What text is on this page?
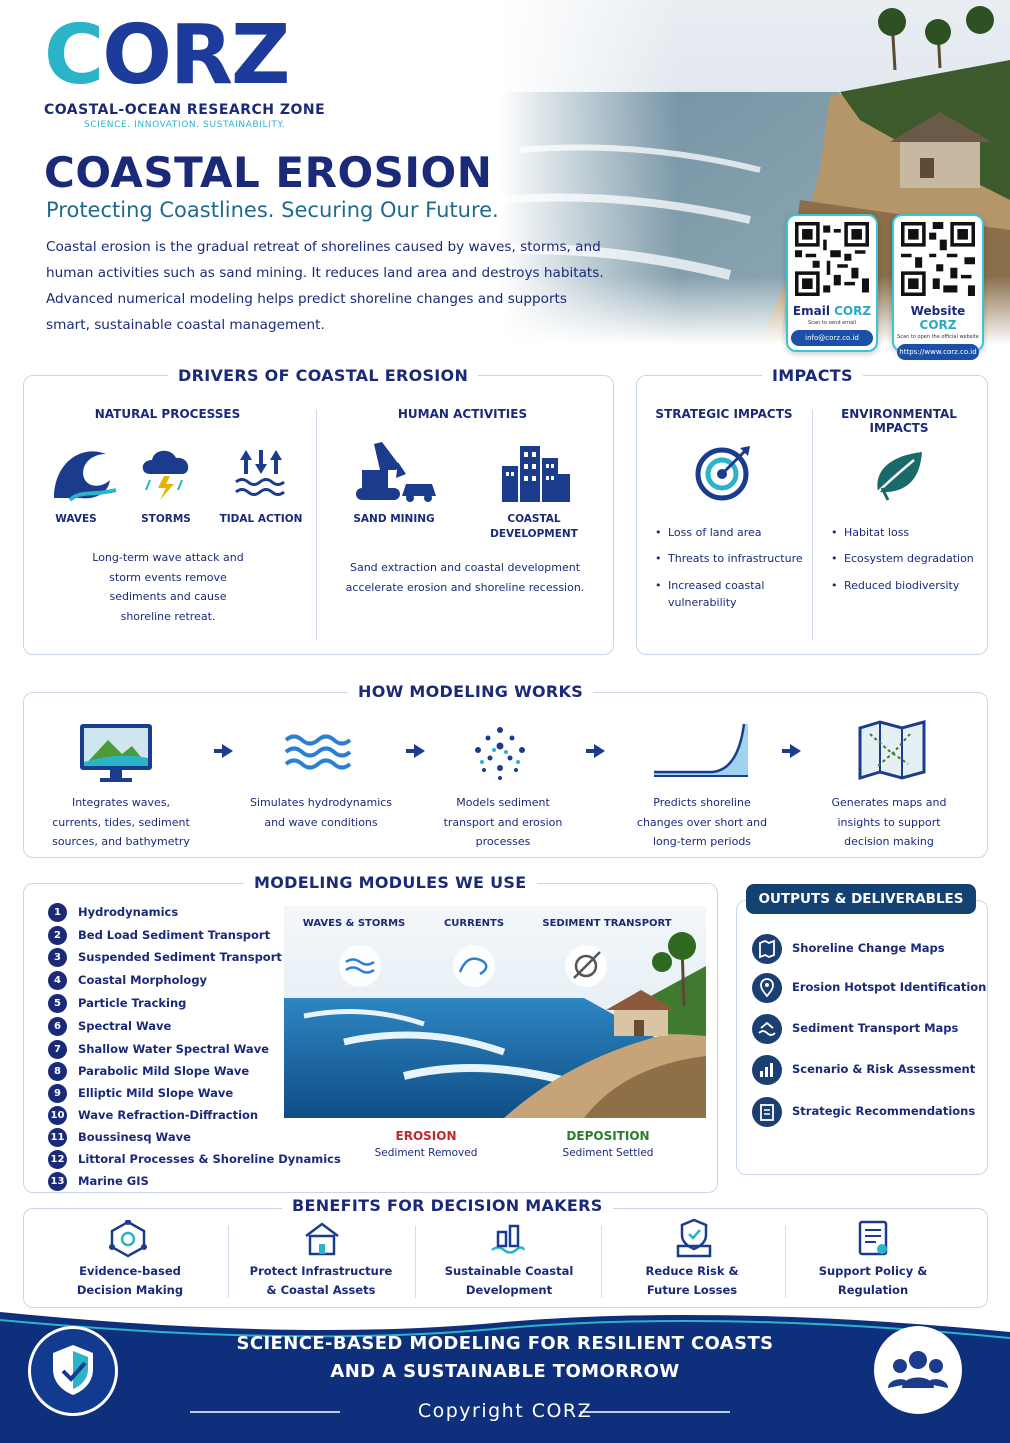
CORZ
COASTAL-OCEAN RESEARCH ZONE
SCIENCE. INNOVATION. SUSTAINABILITY.
COASTAL EROSION
Protecting Coastlines. Securing Our Future.
Coastal erosion is the gradual retreat of shorelines caused by waves, storms, and human activities such as sand mining. It reduces land area and destroys habitats. Advanced numerical modeling helps predict shoreline changes and supports smart, sustainable coastal management.
Email CORZ
Scan to send email
info@corz.co.id
Website CORZ
Scan to open the official website
https://www.corz.co.id
DRIVERS OF COASTAL EROSION
NATURAL PROCESSES	HUMAN ACTIVITIES
WAVES	STORMS	TIDAL ACTION
Long-term wave attack and storm events remove sediments and cause shoreline retreat.
SAND MINING	COASTAL DEVELOPMENT
Sand extraction and coastal development accelerate erosion and shoreline recession.
IMPACTS
STRATEGIC IMPACTS	ENVIRONMENTAL IMPACTS
• Loss of land area
• Threats to infrastructure
• Increased coastal vulnerability
• Habitat loss
• Ecosystem degradation
• Reduced biodiversity
HOW MODELING WORKS
Integrates waves, currents, tides, sediment sources, and bathymetry
Simulates hydrodynamics and wave conditions
Models sediment transport and erosion processes
Predicts shoreline changes over short and long-term periods
Generates maps and insights to support decision making
MODELING MODULES WE USE
1	Hydrodynamics
2	Bed Load Sediment Transport
3	Suspended Sediment Transport
4	Coastal Morphology
5	Particle Tracking
6	Spectral Wave
7	Shallow Water Spectral Wave
8	Parabolic Mild Slope Wave
9	Elliptic Mild Slope Wave
10 Wave Refraction-Diffraction
11 Boussinesq Wave
12 Littoral Processes & Shoreline Dynamics
13 Marine GIS
WAVES & STORMS	CURRENTS	SEDIMENT TRANSPORT
EROSION
Sediment Removed
DEPOSITION
Sediment Settled
OUTPUTS & DELIVERABLES
Shoreline Change Maps
Erosion Hotspot Identification
Sediment Transport Maps
Scenario & Risk Assessment
Strategic Recommendations
BENEFITS FOR DECISION MAKERS
Evidence-based Decision Making
Protect Infrastructure & Coastal Assets
Sustainable Coastal Development
Reduce Risk & Future Losses
Support Policy & Regulation
SCIENCE-BASED MODELING FOR RESILIENT COASTS
AND A SUSTAINABLE TOMORROW
Copyright CORZ
